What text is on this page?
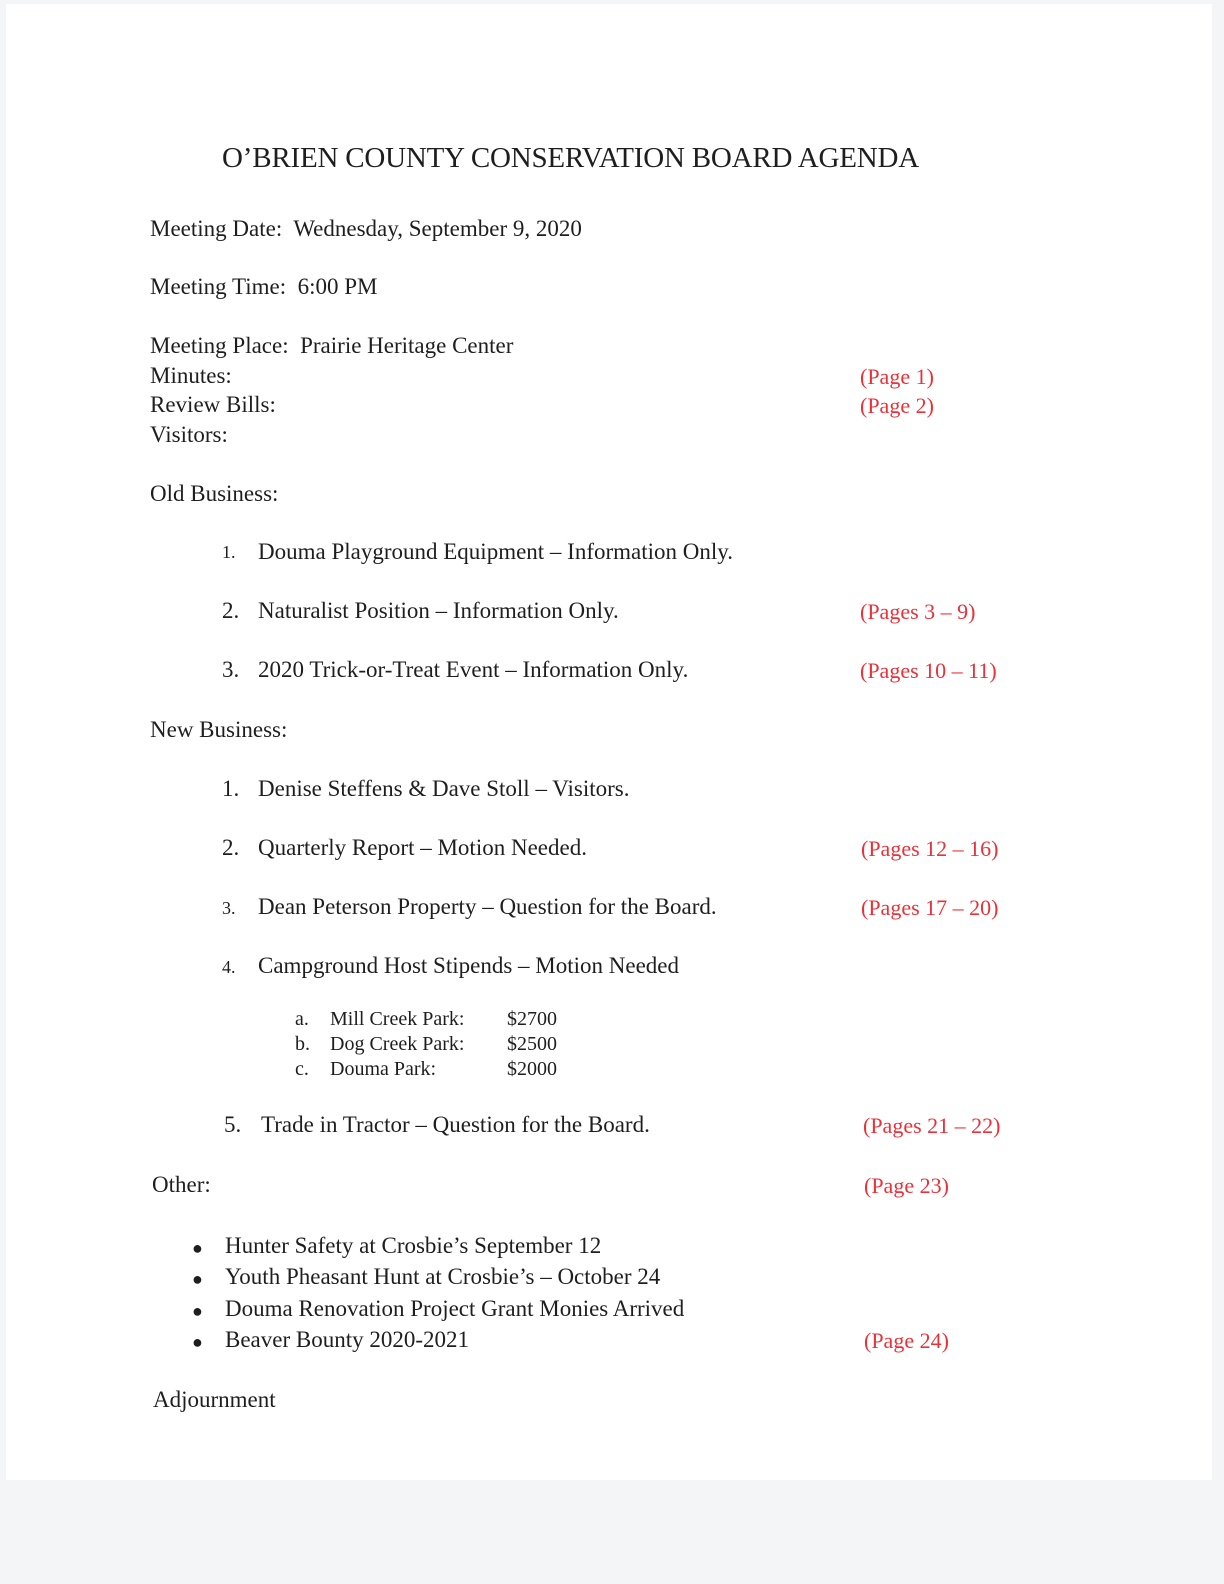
O’BRIEN COUNTY CONSERVATION BOARD AGENDA
Meeting Date: Wednesday, September 9, 2020
Meeting Time: 6:00 PM
Meeting Place: Prairie Heritage Center
Minutes:	(Page 1)
Review Bills:	(Page 2)
Visitors:
Old Business:
1. Douma Playground Equipment – Information Only.
2. Naturalist Position – Information Only.	(Pages 3 – 9)
3. 2020 Trick-or-Treat Event – Information Only.	(Pages 10 – 11)
New Business:
1. Denise Steffens & Dave Stoll – Visitors.
2. Quarterly Report – Motion Needed.	(Pages 12 – 16)
3. Dean Peterson Property – Question for the Board.	(Pages 17 – 20)
4. Campground Host Stipends – Motion Needed
a. Mill Creek Park: $2700
b. Dog Creek Park: $2500
c. Douma Park:	$2000
5. Trade in Tractor – Question for the Board.	(Pages 21 – 22)
Other:	(Page 23)
● Hunter Safety at Crosbie’s September 12
● Youth Pheasant Hunt at Crosbie’s – October 24
● Douma Renovation Project Grant Monies Arrived
● Beaver Bounty 2020-2021	(Page 24)
Adjournment
